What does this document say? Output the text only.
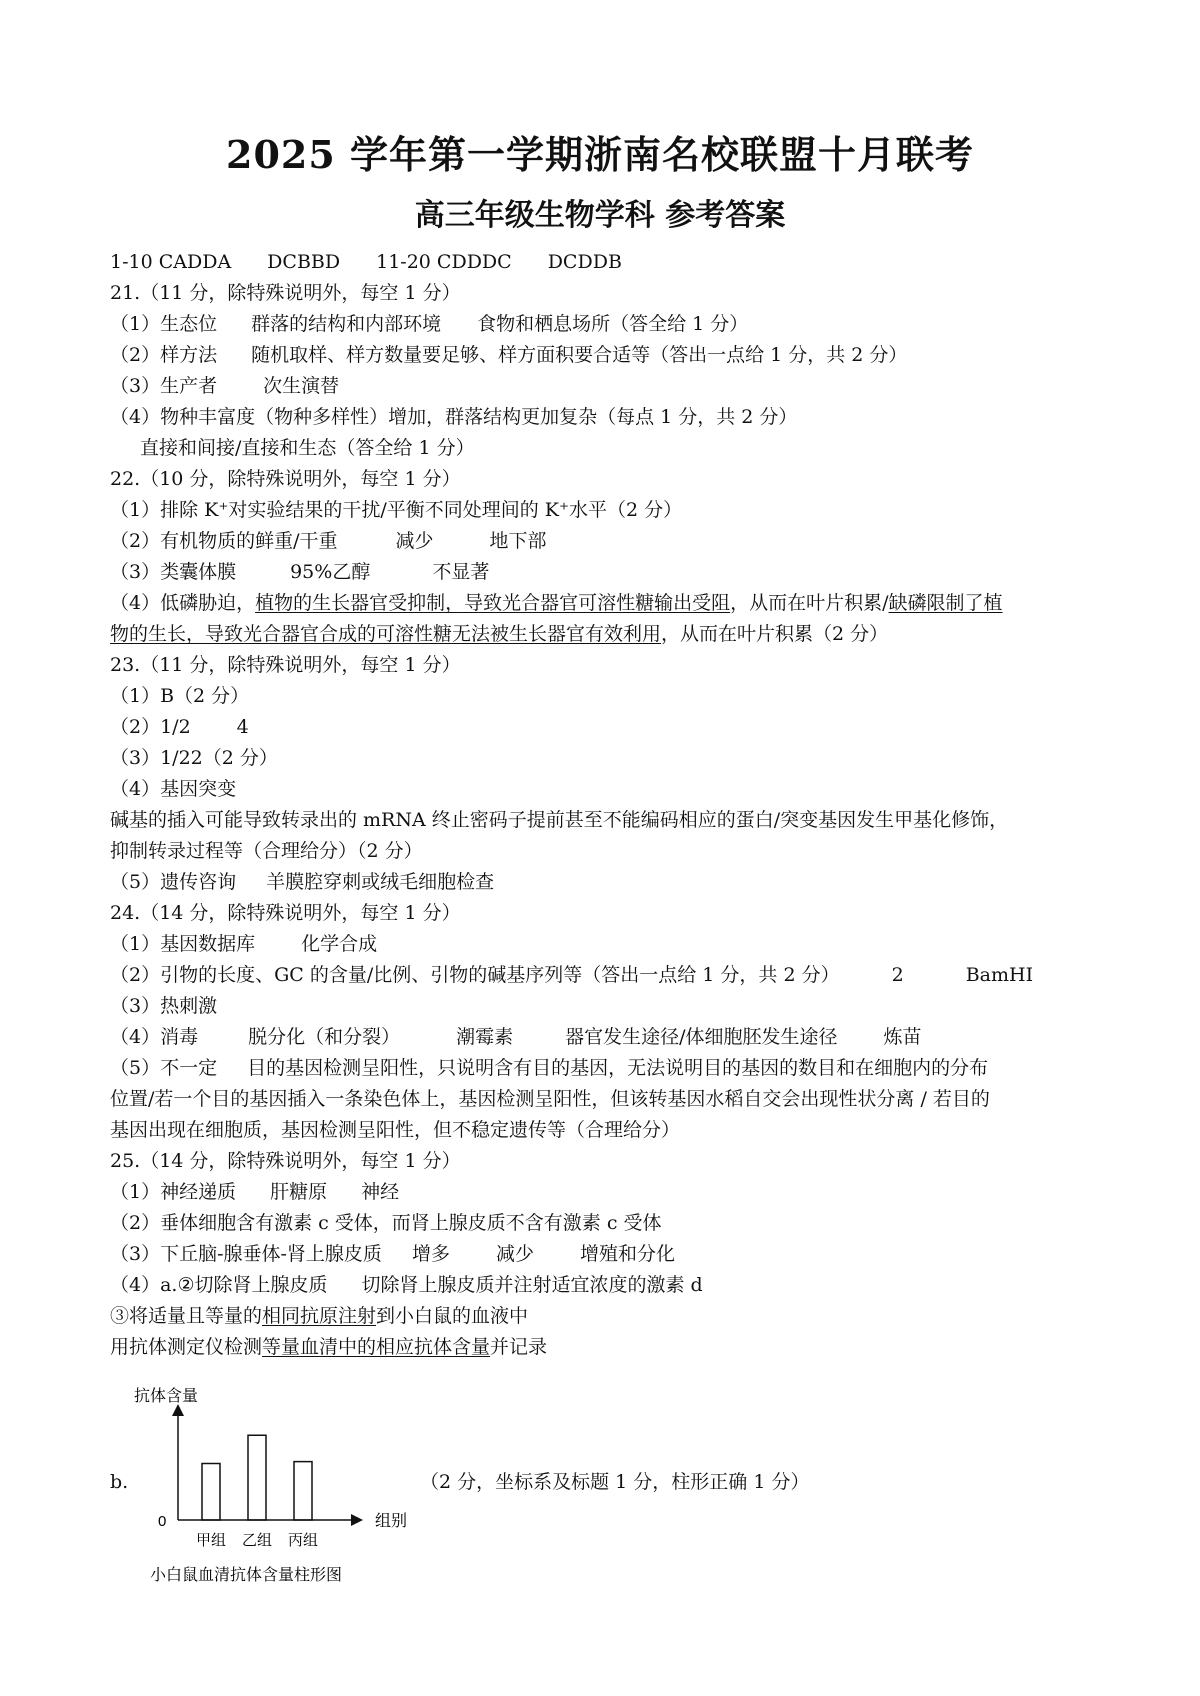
2025 学年第一学期浙南名校联盟十月联考
高三年级生物学科 参考答案
1-10 CADDA DCBBD 11-20 CDDDC DCDDB
21.（11 分，除特殊说明外，每空 1 分）
（1）生态位 群落的结构和内部环境 食物和栖息场所（答全给 1 分）
（2）样方法 随机取样、样方数量要足够、样方面积要合适等（答出一点给 1 分，共 2 分）
（3）生产者 次生演替
（4）物种丰富度（物种多样性）增加，群落结构更加复杂（每点 1 分，共 2 分）
直接和间接/直接和生态（答全给 1 分）
22.（10 分，除特殊说明外，每空 1 分）
（1）排除 K⁺对实验结果的干扰/平衡不同处理间的 K⁺水平（2 分）
（2）有机物质的鲜重/干重	减少	地下部
（3）类囊体膜	95%乙醇	不显著
（4）低磷胁迫，植物的生长器官受抑制，导致光合器官可溶性糖输出受阻，从而在叶片积累/缺磷限制了植
物的生长，导致光合器官合成的可溶性糖无法被生长器官有效利用，从而在叶片积累（2 分）
23.（11 分，除特殊说明外，每空 1 分）
（1）B（2 分）
（2）1/2 4
（3）1/22（2 分）
（4）基因突变
碱基的插入可能导致转录出的 mRNA 终止密码子提前甚至不能编码相应的蛋白/突变基因发生甲基化修饰，
抑制转录过程等（合理给分）（2 分）
（5）遗传咨询 羊膜腔穿刺或绒毛细胞检查
24.（14 分，除特殊说明外，每空 1 分）
（1）基因数据库 化学合成
（2）引物的长度、GC 的含量/比例、引物的碱基序列等（答出一点给 1 分，共 2 分）	2	BamHI
（3）热刺激
（4）消毒	脱分化（和分裂）	潮霉素	器官发生途径/体细胞胚发生途径 炼苗
（5）不一定 目的基因检测呈阳性，只说明含有目的基因，无法说明目的基因的数目和在细胞内的分布
位置/若一个目的基因插入一条染色体上，基因检测呈阳性，但该转基因水稻自交会出现性状分离 / 若目的
基因出现在细胞质，基因检测呈阳性，但不稳定遗传等（合理给分）
25.（14 分，除特殊说明外，每空 1 分）
（1）神经递质 肝糖原 神经
（2）垂体细胞含有激素 c 受体，而肾上腺皮质不含有激素 c 受体
（3）下丘脑-腺垂体-肾上腺皮质 增多 减少 增殖和分化
（4）a.②切除肾上腺皮质 切除肾上腺皮质并注射适宜浓度的激素 d
③将适量且等量的相同抗原注射到小白鼠的血液中
用抗体测定仪检测等量血清中的相应抗体含量并记录
b.	（2 分，坐标系及标题 1 分，柱形正确 1 分）
抗体含量
0	组别
甲组 乙组 丙组
小白鼠血清抗体含量柱形图
